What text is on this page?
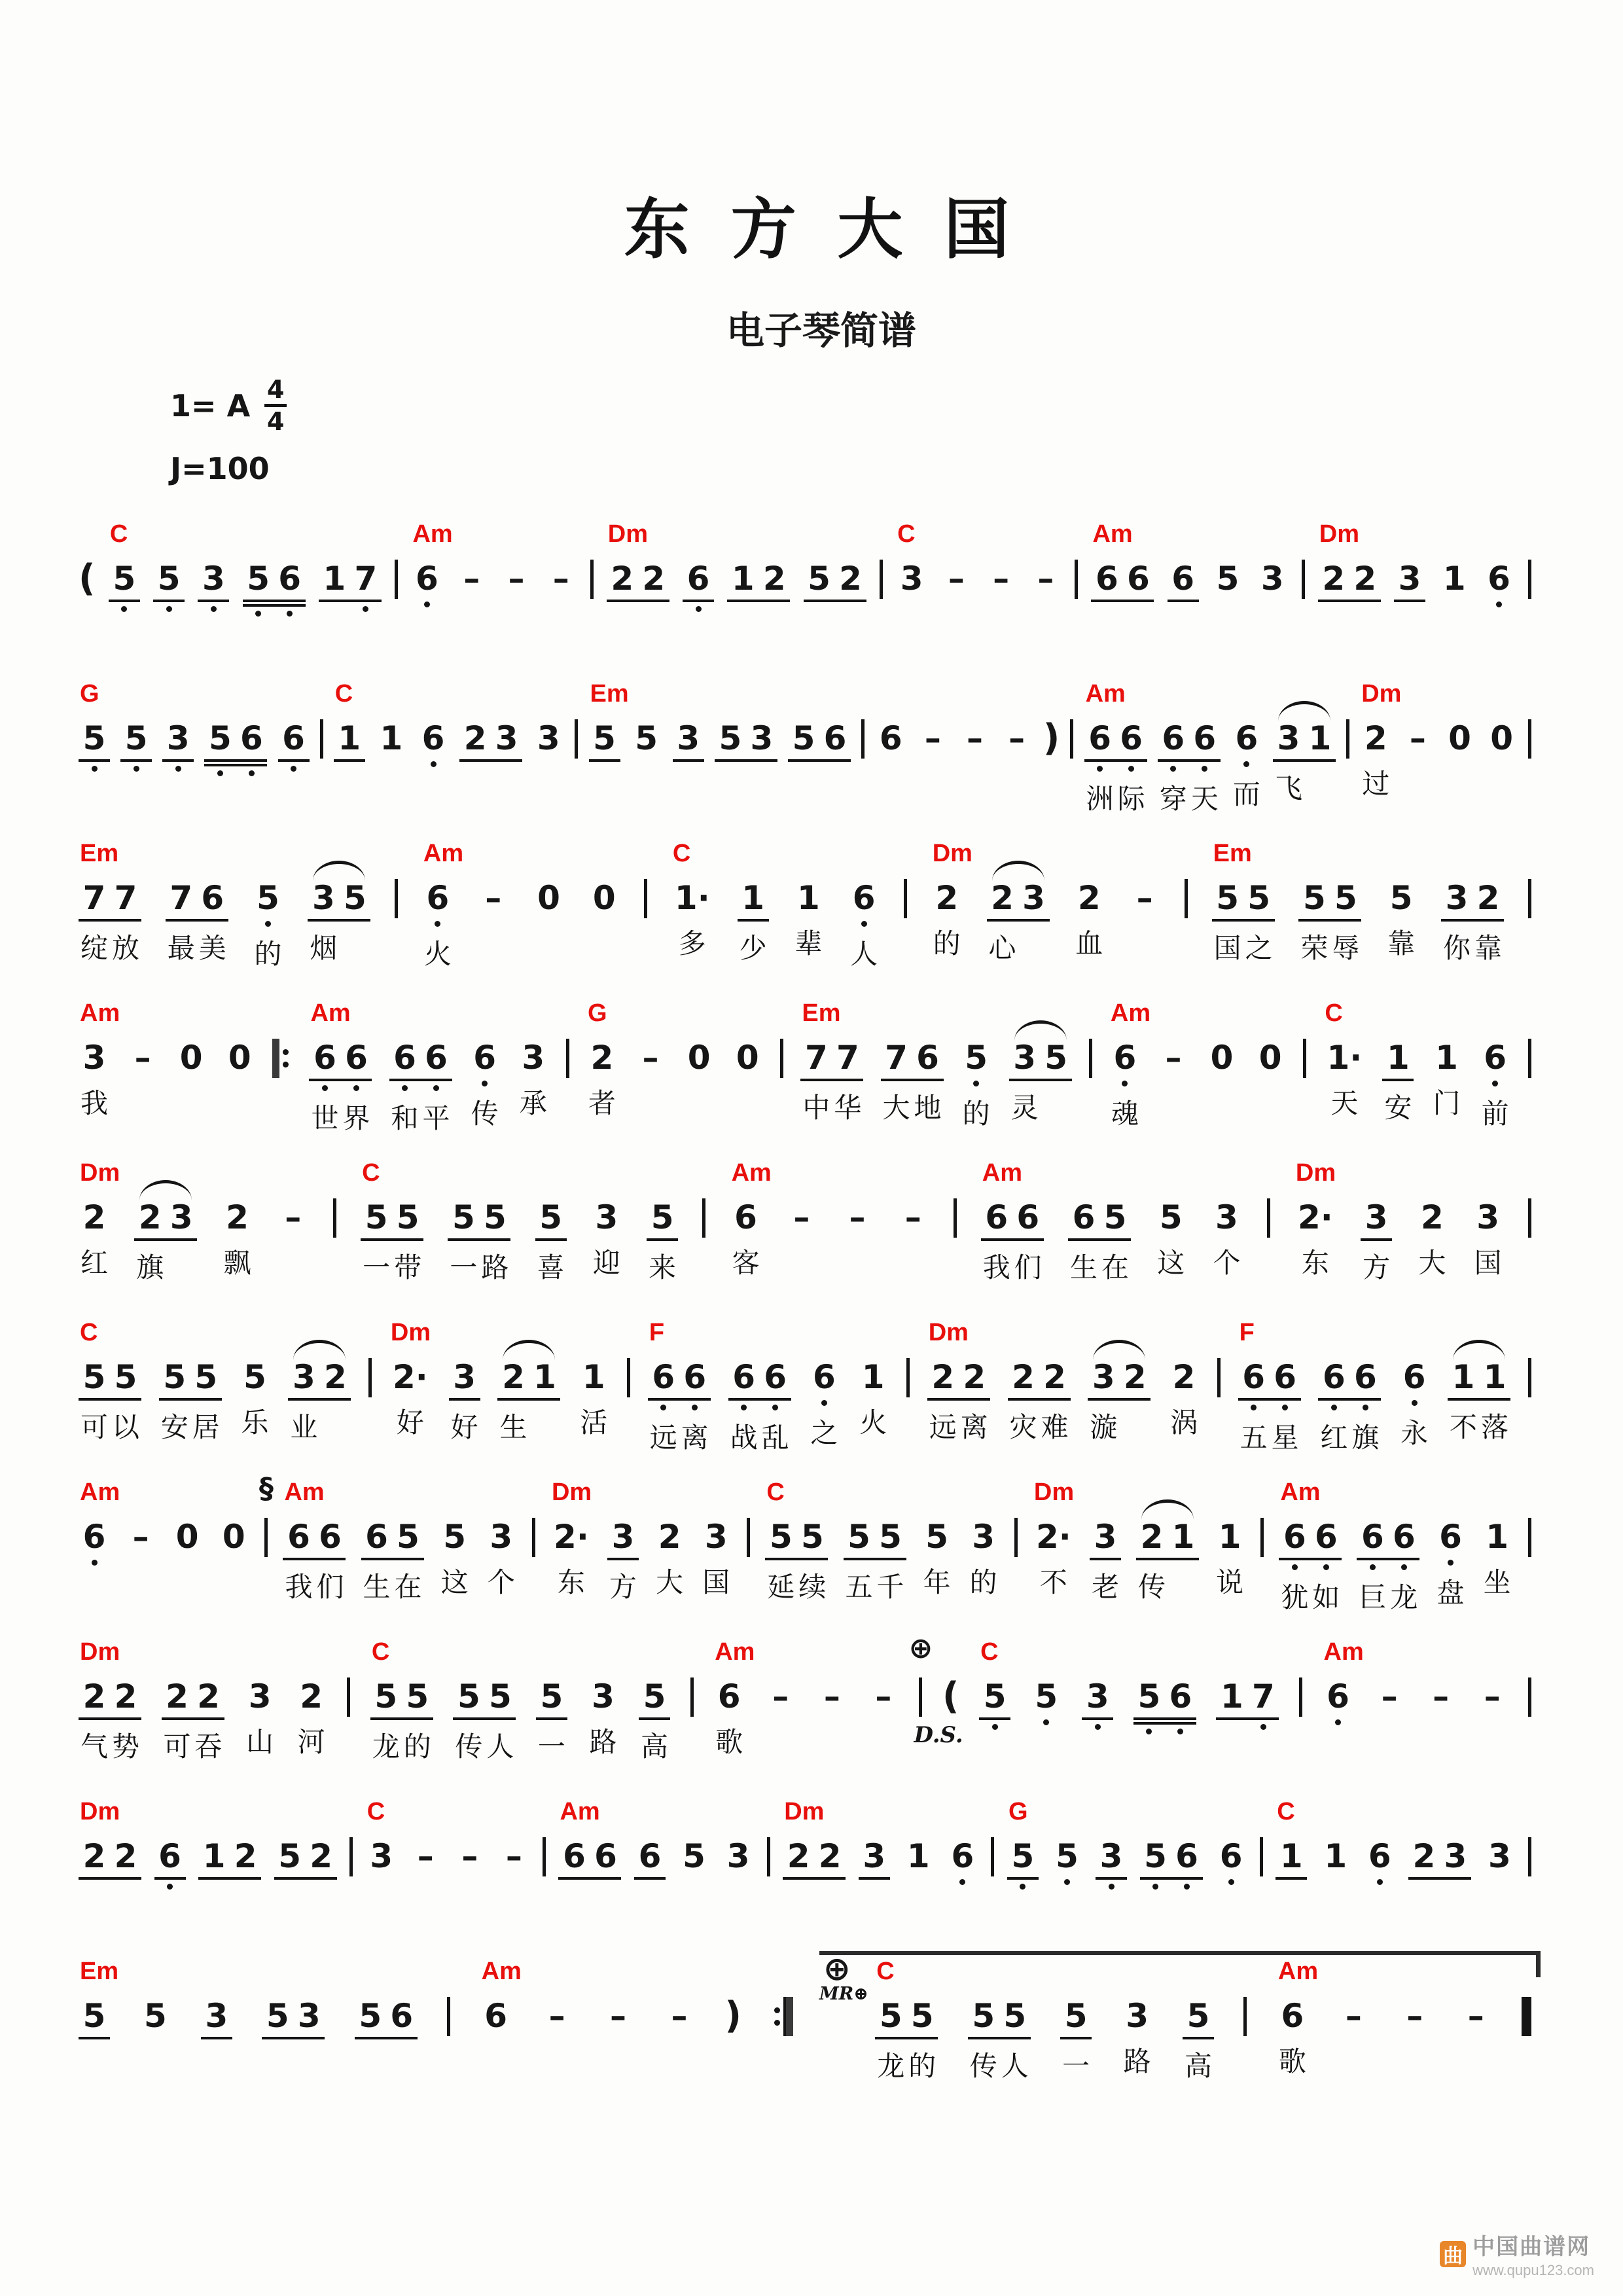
东 方 大 国
电子琴简谱
1= A 4
4
J=100
(
C
5 5 3 5 6 1 7
Am
6 – – –
Dm
2 2 6 1 2 5 2
C
3 – – –
Am
6 6 6 5 3
Dm
2 2 3 1 6
G
5 5 3 5 6 6
C
1 1 6 2 3 3
Em
5 5 3 5 3 5 6 6 – – – )
Am
6 6
洲 际
6 6
穿 天
6
而
3 1
飞
Dm
2
过
– 0 0
Em
7 7
绽 放
7 6
最 美
5
的
3 5
烟
Am
6
火
– 0 0
C
1·
多
1
少
1
辈
6
人
Dm
2
的
2 3
心
2
血
–
Em
5 5
国 之
5 5
荣 辱
5
靠
3 2
你 靠
Am
3
我
– 0 0
Am
6 6
世 界
6 6
和 平
6
传
3
承
G
2
者
– 0 0
Em
7 7
中 华
7 6
大 地
5
的
3 5
灵
Am
6
魂
– 0 0
C
1·
天
1
安
1
门
6
前
Dm
2
红
2 3
旗
2
飘
–
C
5 5
一 带
5 5
一 路
5
喜
3
迎
5
来
Am
6
客
– – –
Am
6 6
我 们
6 5
生 在
5
这
3
个
Dm
2·
东
3
方
2
大
3
国
C
5 5
可 以
5 5
安 居
5
乐
3 2
业
Dm
2·
好
3
好
2 1
生
1
活
F
6 6
远 离
6 6
战 乱
6
之
1
火
Dm
2 2
远 离
2 2
灾 难
3 2
漩
2
涡
F
6 6
五 星
6 6
红 旗
6
永
1 1
不 落
Am
6 – 0 0
§ Am
6 6
我 们
6 5
生 在
5
这
3
个
Dm
2·
东
3
方
2
大
3
国
C
5 5
延 续
5 5
五 千
5
年
3
的
Dm
2·
不
3
老
2 1
传
1
说
Am
6 6
犹 如
6 6
巨 龙
6
盘
1
坐
Dm
2 2
气 势
2 2
可 吞
3
山
2
河
C
5 5
龙 的
5 5
传 人
5
一
3
路
5
高
Am
6
歌
– – –
⊕
D.S.
(
C
5 5 3 5 6 1 7
Am
6 – – –
Dm
2 2 6 1 2 5 2
C
3 – – –
Am
6 6 6 5 3
Dm
2 2 3 1 6
G
5 5 3 5 6 6
C
1 1 6 2 3 3
Em
5 5 3 5 3 5 6
Am
6 – – – )
⊕
MR⊕
C
5 5
龙 的
5 5
传 人
5
一
3
路
5
高
Am
6
歌
– – –
曲 中国曲谱网
www.qupu123.com
